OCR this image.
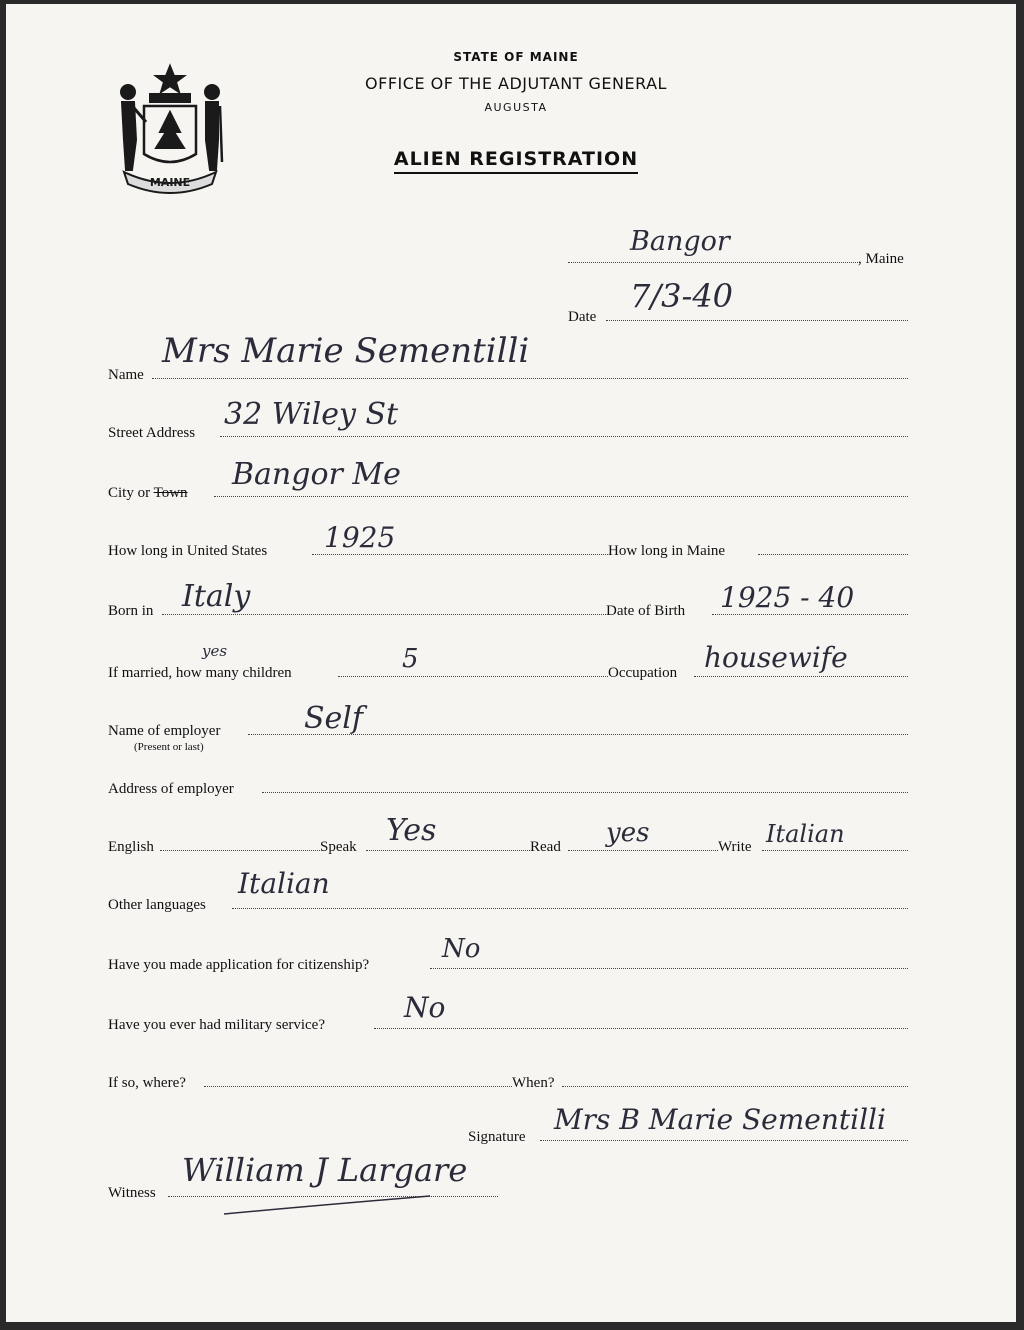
MAINE
STATE OF MAINE
OFFICE OF THE ADJUTANT GENERAL
AUGUSTA
ALIEN REGISTRATION
Bangor
, Maine
Date
7/3-40
Name
Mrs Marie Sementilli
Street Address
32 Wiley St
City or Town
Bangor Me
How long in United States 1925	How long in Maine
Born in Italy	Date of Birth 1925 - 40
yes
If married, how many children	5	Occupation housewife
Name of employer
(Present or last)
Self
Address of employer
English	Speak Yes	Read yes	Write Italian
Other languages
Italian
Have you made application for citizenship?
No
Have you ever had military service?
No
If so, where?	When?
Signature
Mrs B Marie Sementilli
Witness
William J Largare
